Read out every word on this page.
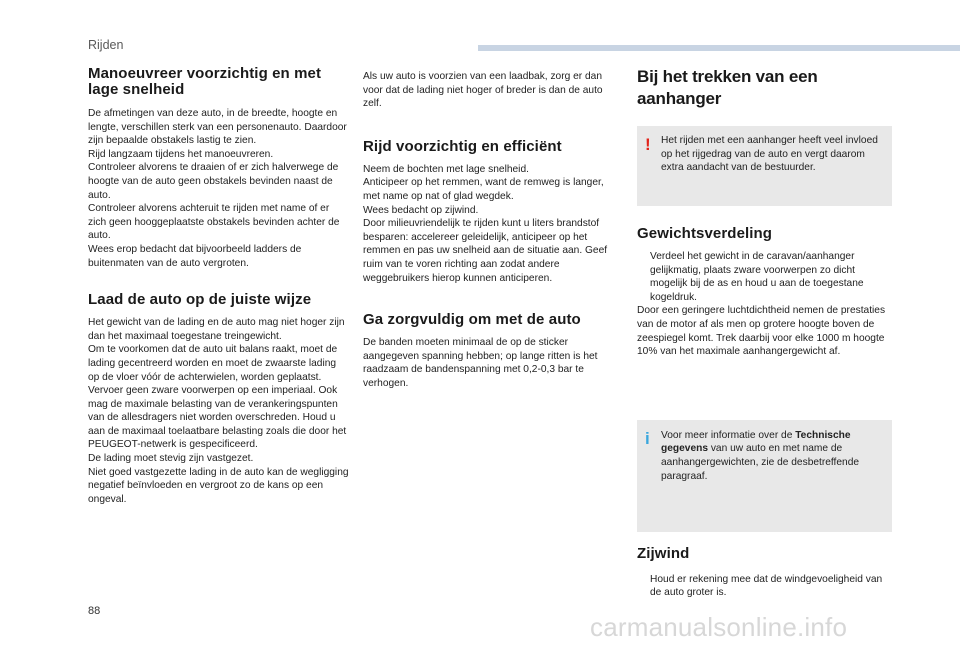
Rijden
Manoeuvreer voorzichtig en met lage snelheid

De afmetingen van deze auto, in de breedte, hoogte en lengte, verschillen sterk van een personenauto. Daardoor zijn bepaalde obstakels lastig te zien.
Rijd langzaam tijdens het manoeuvreren.
Controleer alvorens te draaien of er zich halverwege de hoogte van de auto geen obstakels bevinden naast de auto.
Controleer alvorens achteruit te rijden met name of er zich geen hooggeplaatste obstakels bevinden achter de auto.
Wees erop bedacht dat bijvoorbeeld ladders de buitenmaten van de auto vergroten.

Laad de auto op de juiste wijze

Het gewicht van de lading en de auto mag niet hoger zijn dan het maximaal toegestane treingewicht.
Om te voorkomen dat de auto uit balans raakt, moet de lading gecentreerd worden en moet de zwaarste lading op de vloer vóór de achterwielen, worden geplaatst.
Vervoer geen zware voorwerpen op een imperiaal. Ook mag de maximale belasting van de verankeringspunten van de allesdragers niet worden overschreden. Houd u aan de maximaal toelaatbare belasting zoals die door het PEUGEOT-netwerk is gespecificeerd.
De lading moet stevig zijn vastgezet.
Niet goed vastgezette lading in de auto kan de wegligging negatief beïnvloeden en vergroot zo de kans op een ongeval.

Als uw auto is voorzien van een laadbak, zorg er dan voor dat de lading niet hoger of breder is dan de auto zelf.

Rijd voorzichtig en efficiënt

Neem de bochten met lage snelheid.
Anticipeer op het remmen, want de remweg is langer, met name op nat of glad wegdek.
Wees bedacht op zijwind.
Door milieuvriendelijk te rijden kunt u liters brandstof besparen: accelereer geleidelijk, anticipeer op het remmen en pas uw snelheid aan de situatie aan. Geef ruim van te voren richting aan zodat andere weggebruikers hierop kunnen anticiperen.

Ga zorgvuldig om met de auto

De banden moeten minimaal de op de sticker aangegeven spanning hebben; op lange ritten is het raadzaam de bandenspanning met 0,2-0,3 bar te verhogen.

Bij het trekken van een aanhanger
! Het rijden met een aanhanger heeft veel invloed op het rijgedrag van de auto en vergt daarom extra aandacht van de bestuurder.

Gewichtsverdeling
Verdeel het gewicht in de caravan/aanhanger gelijkmatig, plaats zware voorwerpen zo dicht mogelijk bij de as en houd u aan de toegestane kogeldruk.

Door een geringere luchtdichtheid nemen de prestaties van de motor af als men op grotere hoogte boven de zeespiegel komt. Trek daarbij voor elke 1000 m hoogte 10% van het maximale aanhangergewicht af.

i Voor meer informatie over de Technische gegevens van uw auto en met name de aanhangergewichten, zie de desbetreffende paragraaf.

Zijwind
Houd er rekening mee dat de windgevoeligheid van de auto groter is.
88
carmanualsonline.info
